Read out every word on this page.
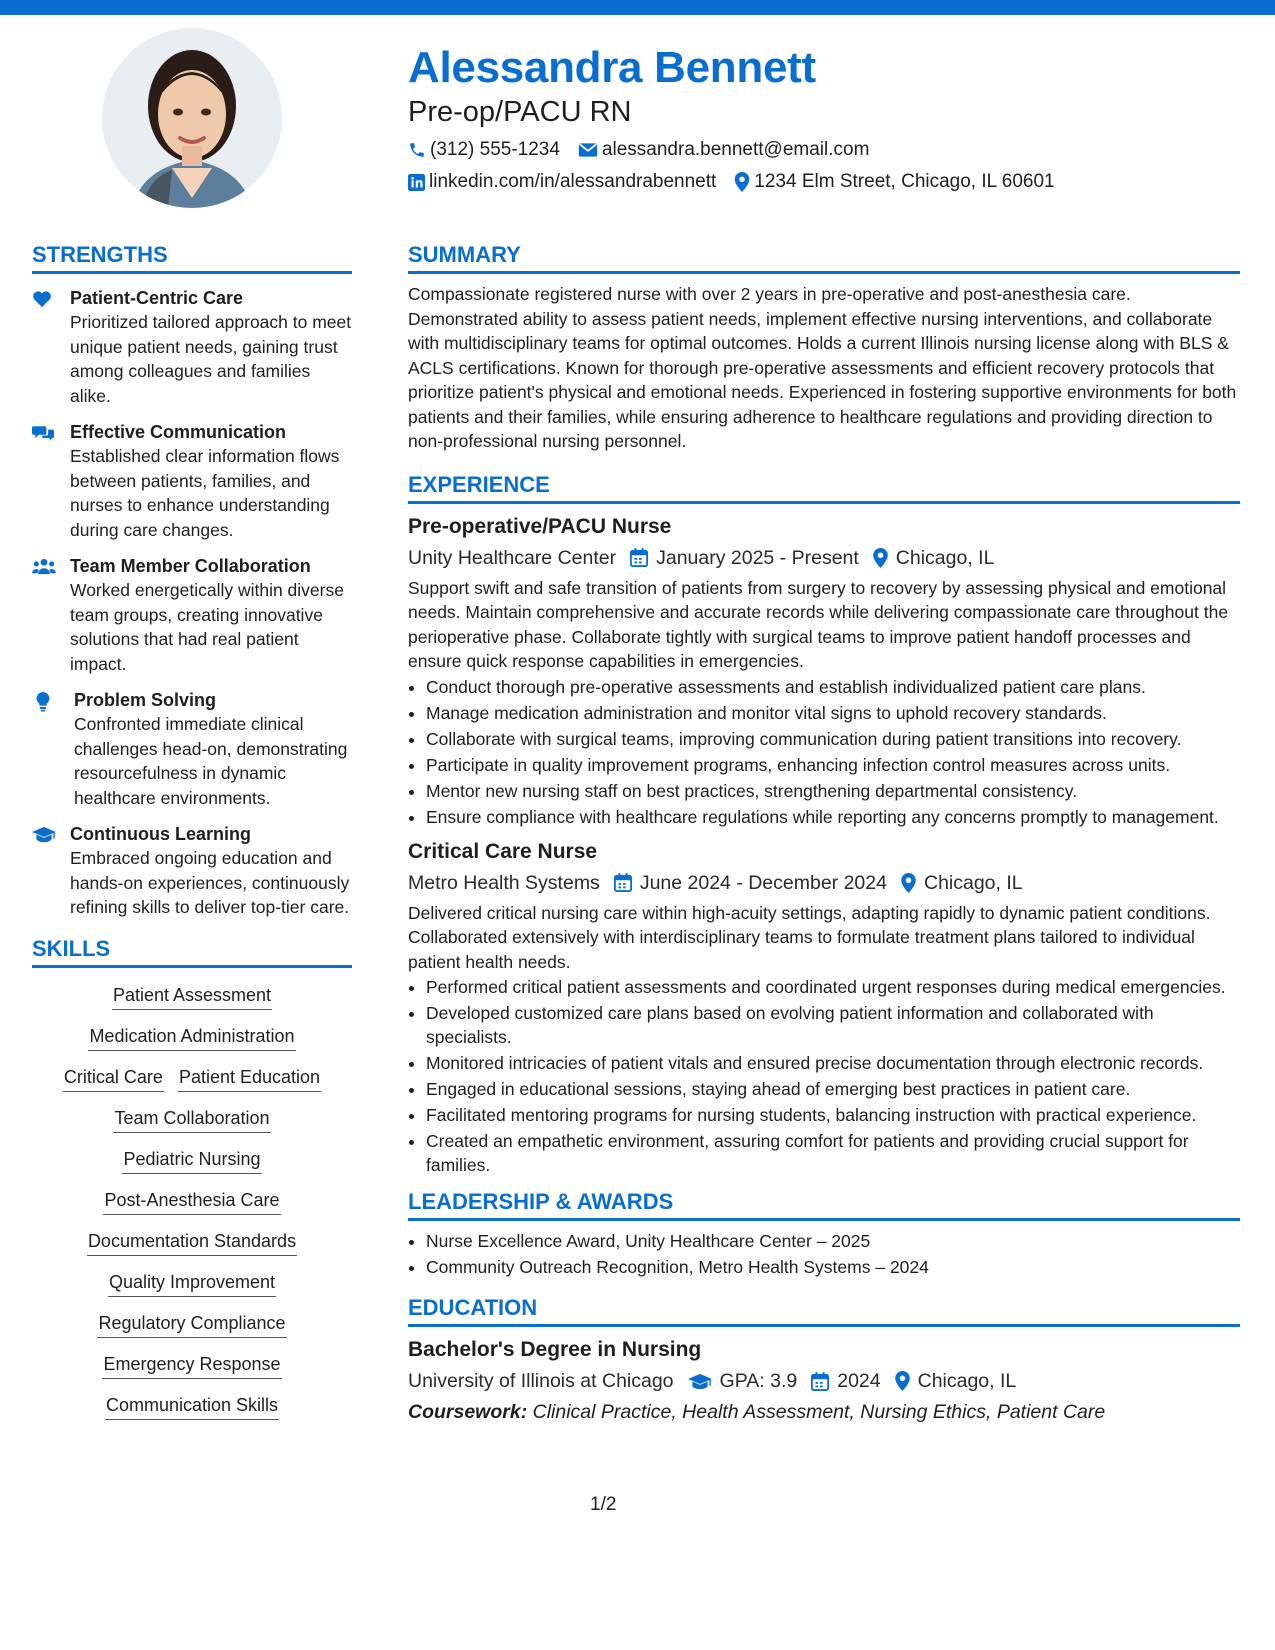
Alessandra Bennett
Pre-op/PACU RN
(312) 555-1234 alessandra.bennett@email.com
linkedin.com/in/alessandrabennett 1234 Elm Street, Chicago, IL 60601
STRENGTHS
Patient-Centric Care
Prioritized tailored approach to meet unique patient needs, gaining trust among colleagues and families alike.
Effective Communication
Established clear information flows between patients, families, and nurses to enhance understanding during care changes.
Team Member Collaboration
Worked energetically within diverse team groups, creating innovative solutions that had real patient impact.
Problem Solving
Confronted immediate clinical challenges head-on, demonstrating resourcefulness in dynamic healthcare environments.
Continuous Learning
Embraced ongoing education and hands-on experiences, continuously refining skills to deliver top-tier care.
SKILLS
Patient Assessment
Medication Administration
Critical Care Patient Education
Team Collaboration
Pediatric Nursing
Post-Anesthesia Care
Documentation Standards
Quality Improvement
Regulatory Compliance
Emergency Response
Communication Skills
SUMMARY
Compassionate registered nurse with over 2 years in pre-operative and post-anesthesia care. Demonstrated ability to assess patient needs, implement effective nursing interventions, and collaborate with multidisciplinary teams for optimal outcomes. Holds a current Illinois nursing license along with BLS & ACLS certifications. Known for thorough pre-operative assessments and efficient recovery protocols that prioritize patient's physical and emotional needs. Experienced in fostering supportive environments for both patients and their families, while ensuring adherence to healthcare regulations and providing direction to non-professional nursing personnel.
EXPERIENCE
Pre-operative/PACU Nurse
Unity Healthcare Center January 2025 - Present Chicago, IL
Support swift and safe transition of patients from surgery to recovery by assessing physical and emotional needs. Maintain comprehensive and accurate records while delivering compassionate care throughout the perioperative phase. Collaborate tightly with surgical teams to improve patient handoff processes and ensure quick response capabilities in emergencies.
• Conduct thorough pre-operative assessments and establish individualized patient care plans.
• Manage medication administration and monitor vital signs to uphold recovery standards.
• Collaborate with surgical teams, improving communication during patient transitions into recovery.
• Participate in quality improvement programs, enhancing infection control measures across units.
• Mentor new nursing staff on best practices, strengthening departmental consistency.
• Ensure compliance with healthcare regulations while reporting any concerns promptly to management.
Critical Care Nurse
Metro Health Systems June 2024 - December 2024 Chicago, IL
Delivered critical nursing care within high-acuity settings, adapting rapidly to dynamic patient conditions. Collaborated extensively with interdisciplinary teams to formulate treatment plans tailored to individual patient health needs.
• Performed critical patient assessments and coordinated urgent responses during medical emergencies.
• Developed customized care plans based on evolving patient information and collaborated with specialists.
• Monitored intricacies of patient vitals and ensured precise documentation through electronic records.
• Engaged in educational sessions, staying ahead of emerging best practices in patient care.
• Facilitated mentoring programs for nursing students, balancing instruction with practical experience.
• Created an empathetic environment, assuring comfort for patients and providing crucial support for families.
LEADERSHIP & AWARDS
• Nurse Excellence Award, Unity Healthcare Center – 2025
• Community Outreach Recognition, Metro Health Systems – 2024
EDUCATION
Bachelor's Degree in Nursing
University of Illinois at Chicago GPA: 3.9 2024 Chicago, IL
Coursework: Clinical Practice, Health Assessment, Nursing Ethics, Patient Care
1/2
